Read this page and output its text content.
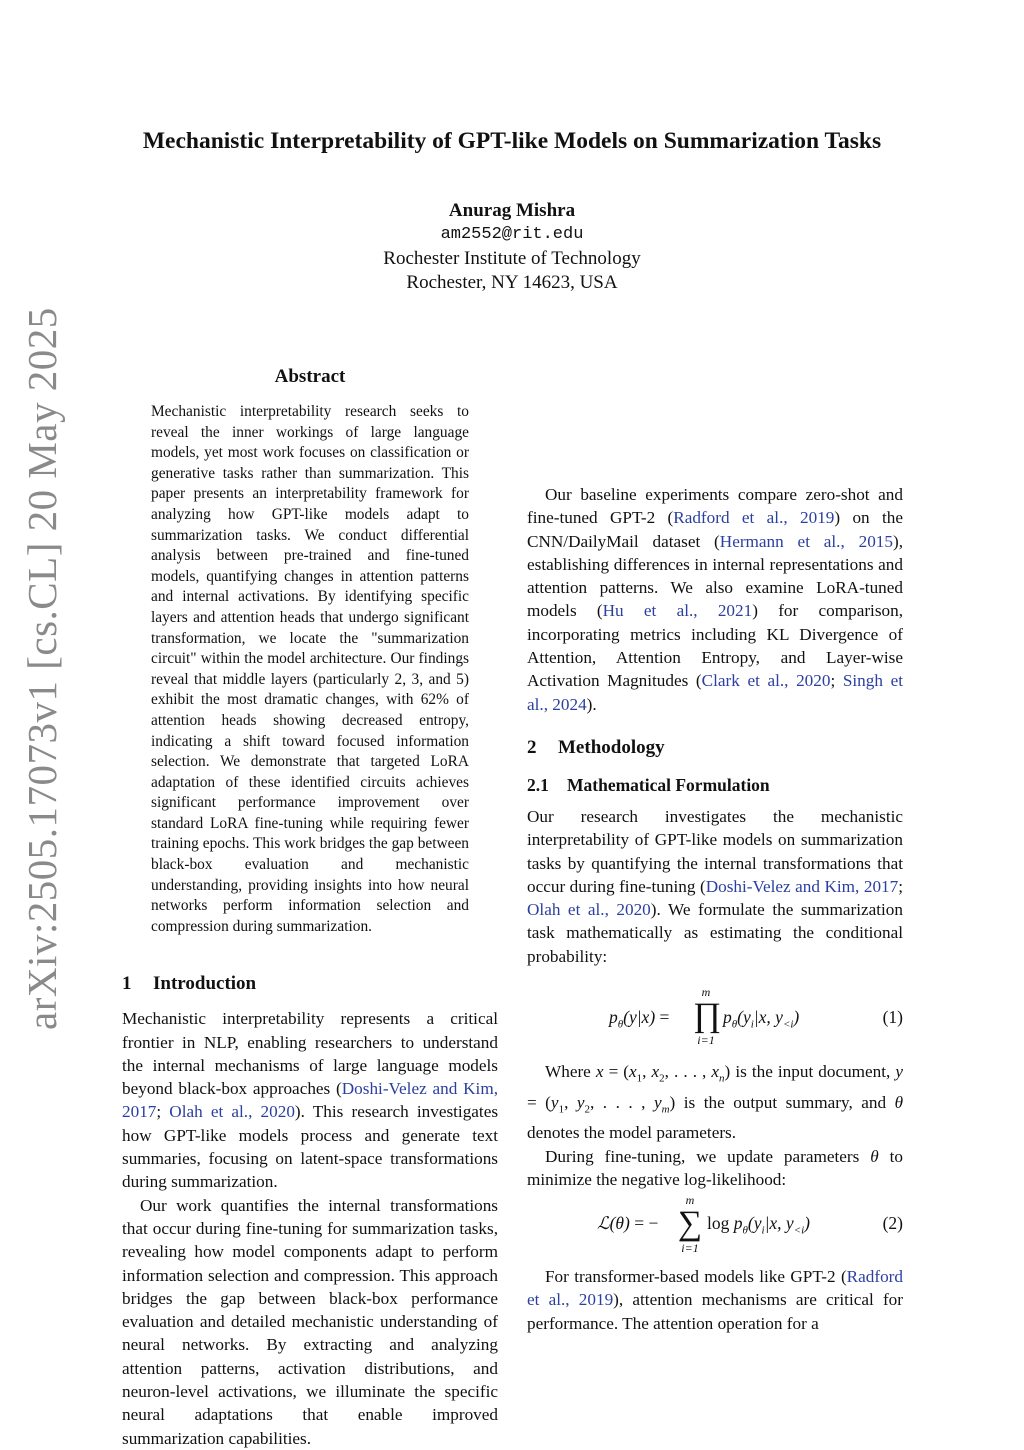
arXiv:2505.17073v1 [cs.CL] 20 May 2025
Mechanistic Interpretability of GPT-like Models on Summarization Tasks
Anurag Mishra
am2552@rit.edu
Rochester Institute of Technology
Rochester, NY 14623, USA
Abstract
Mechanistic interpretability research seeks to reveal the inner workings of large language models, yet most work focuses on classification or generative tasks rather than summarization. This paper presents an interpretability framework for analyzing how GPT-like models adapt to summarization tasks. We conduct differential analysis between pre-trained and fine-tuned models, quantifying changes in attention patterns and internal activations. By identifying specific layers and attention heads that undergo significant transformation, we locate the "summarization circuit" within the model architecture. Our findings reveal that middle layers (particularly 2, 3, and 5) exhibit the most dramatic changes, with 62% of attention heads showing decreased entropy, indicating a shift toward focused information selection. We demonstrate that targeted LoRA adaptation of these identified circuits achieves significant performance improvement over standard LoRA fine-tuning while requiring fewer training epochs. This work bridges the gap between black-box evaluation and mechanistic understanding, providing insights into how neural networks perform information selection and compression during summarization.
1 Introduction

Mechanistic interpretability represents a critical frontier in NLP, enabling researchers to understand the internal mechanisms of large language models beyond black-box approaches (Doshi-Velez and Kim, 2017; Olah et al., 2020). This research investigates how GPT-like models process and generate text summaries, focusing on latent-space transformations during summarization.

Our work quantifies the internal transformations that occur during fine-tuning for summarization tasks, revealing how model components adapt to perform information selection and compression. This approach bridges the gap between black-box performance evaluation and detailed mechanistic understanding of neural networks. By extracting and analyzing attention patterns, activation distributions, and neuron-level activations, we illuminate the specific neural adaptations that enable improved summarization capabilities.

Our baseline experiments compare zero-shot and fine-tuned GPT-2 (Radford et al., 2019) on the CNN/DailyMail dataset (Hermann et al., 2015), establishing differences in internal representations and attention patterns. We also examine LoRA-tuned models (Hu et al., 2021) for comparison, incorporating metrics including KL Divergence of Attention, Attention Entropy, and Layer-wise Activation Magnitudes (Clark et al., 2020; Singh et al., 2024).

2 Methodology
2.1 Mathematical Formulation

Our research investigates the mechanistic interpretability of GPT-like models on summarization tasks by quantifying the internal transformations that occur during fine-tuning (Doshi-Velez and Kim, 2017; Olah et al., 2020). We formulate the summarization task mathematically as estimating the conditional probability:

$p_\theta(y|x)$ =
m
∏
i=1
$p_\theta(y_i|x$, $y_{<i}$)	(1)

Where $x = (x_1$, $x_2$, . . . , $x_n$) is the input document, $y = (y_1$, $y_2$, . . . , $y_m$) is the output summary, and θ denotes the model parameters.

During fine-tuning, we update parameters θ to minimize the negative log-likelihood:

ℒ(θ) = −
m
∑
i=1
$\log p_\theta(y_i|x$, $y_{<i}$)	(2)

For transformer-based models like GPT-2 (Radford et al., 2019), attention mechanisms are critical for performance. The attention operation for a
